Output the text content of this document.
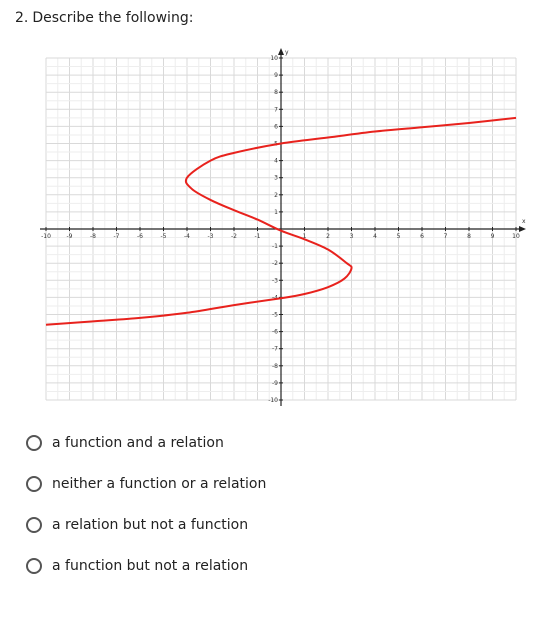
2. Describe the following:
x
y
-10	-9	-8	-7	-6	-5	-4	-3	-2	-1	1	2	3	4	5	6	7	8	9	10
10
9
8
7
6
5
4
3
2
1
-1
-2
-3
-4
-5
-6
-7
-8
-9
-10
a function and a relation
neither a function or a relation
a relation but not a function
a function but not a relation
